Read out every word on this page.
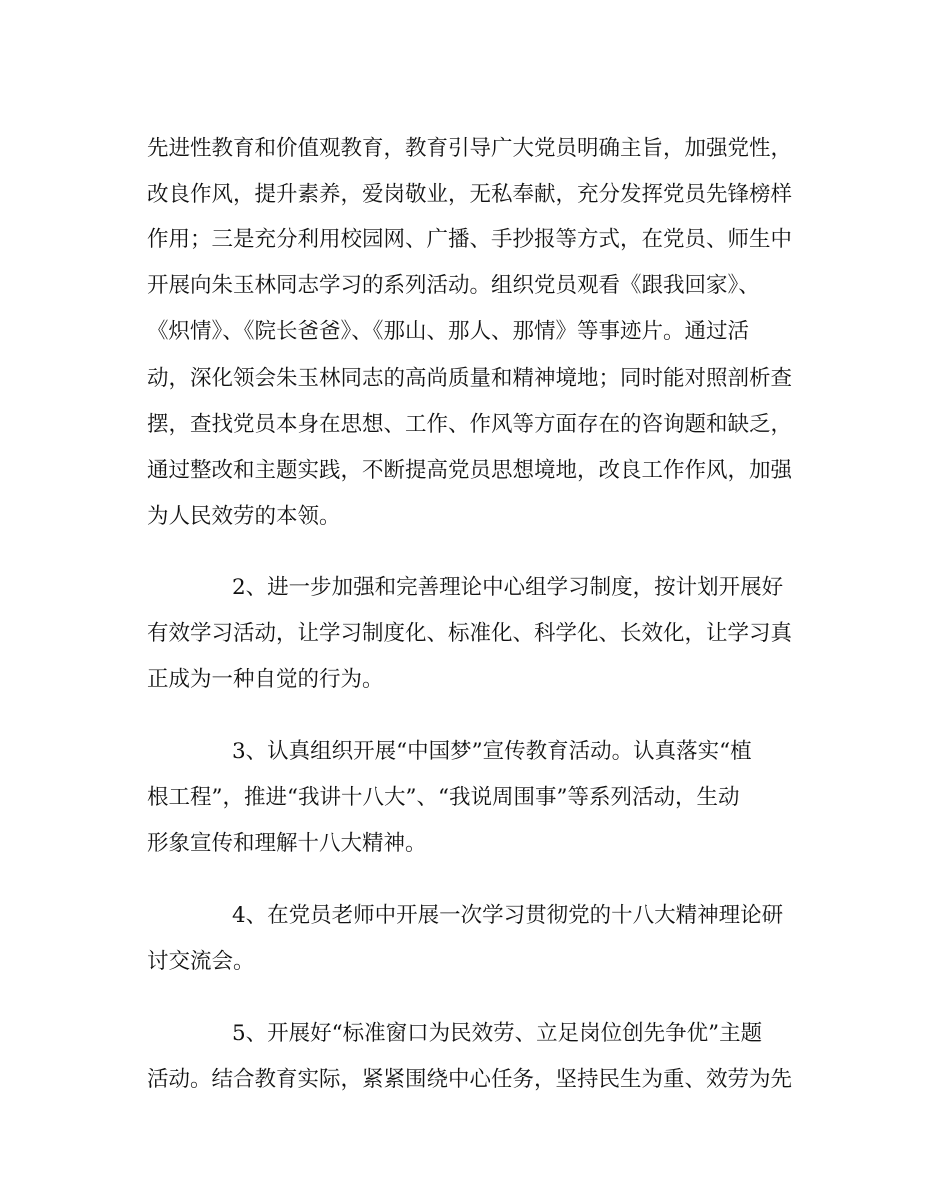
先进性教育和价值观教育，教育引导广大党员明确主旨，加强党性，

改良作风，提升素养，爱岗敬业，无私奉献，充分发挥党员先锋榜样

作用；三是充分利用校园网、广播、手抄报等方式，在党员、师生中

开展向朱玉林同志学习的系列活动。组织党员观看《跟我回家》、

《炽情》、《院长爸爸》、《那山、那人、那情》等事迹片。通过活

动，深化领会朱玉林同志的高尚质量和精神境地；同时能对照剖析查

摆，查找党员本身在思想、工作、作风等方面存在的咨询题和缺乏，

通过整改和主题实践，不断提高党员思想境地，改良工作作风，加强

为人民效劳的本领。

2、进一步加强和完善理论中心组学习制度，按计划开展好

有效学习活动，让学习制度化、标准化、科学化、长效化，让学习真

正成为一种自觉的行为。

3、认真组织开展“中国梦”宣传教育活动。认真落实“植

根工程”，推进“我讲十八大”、“我说周围事”等系列活动，生动

形象宣传和理解十八大精神。

4、在党员老师中开展一次学习贯彻党的十八大精神理论研

讨交流会。

5、开展好“标准窗口为民效劳、立足岗位创先争优”主题

活动。结合教育实际，紧紧围绕中心任务，坚持民生为重、效劳为先
